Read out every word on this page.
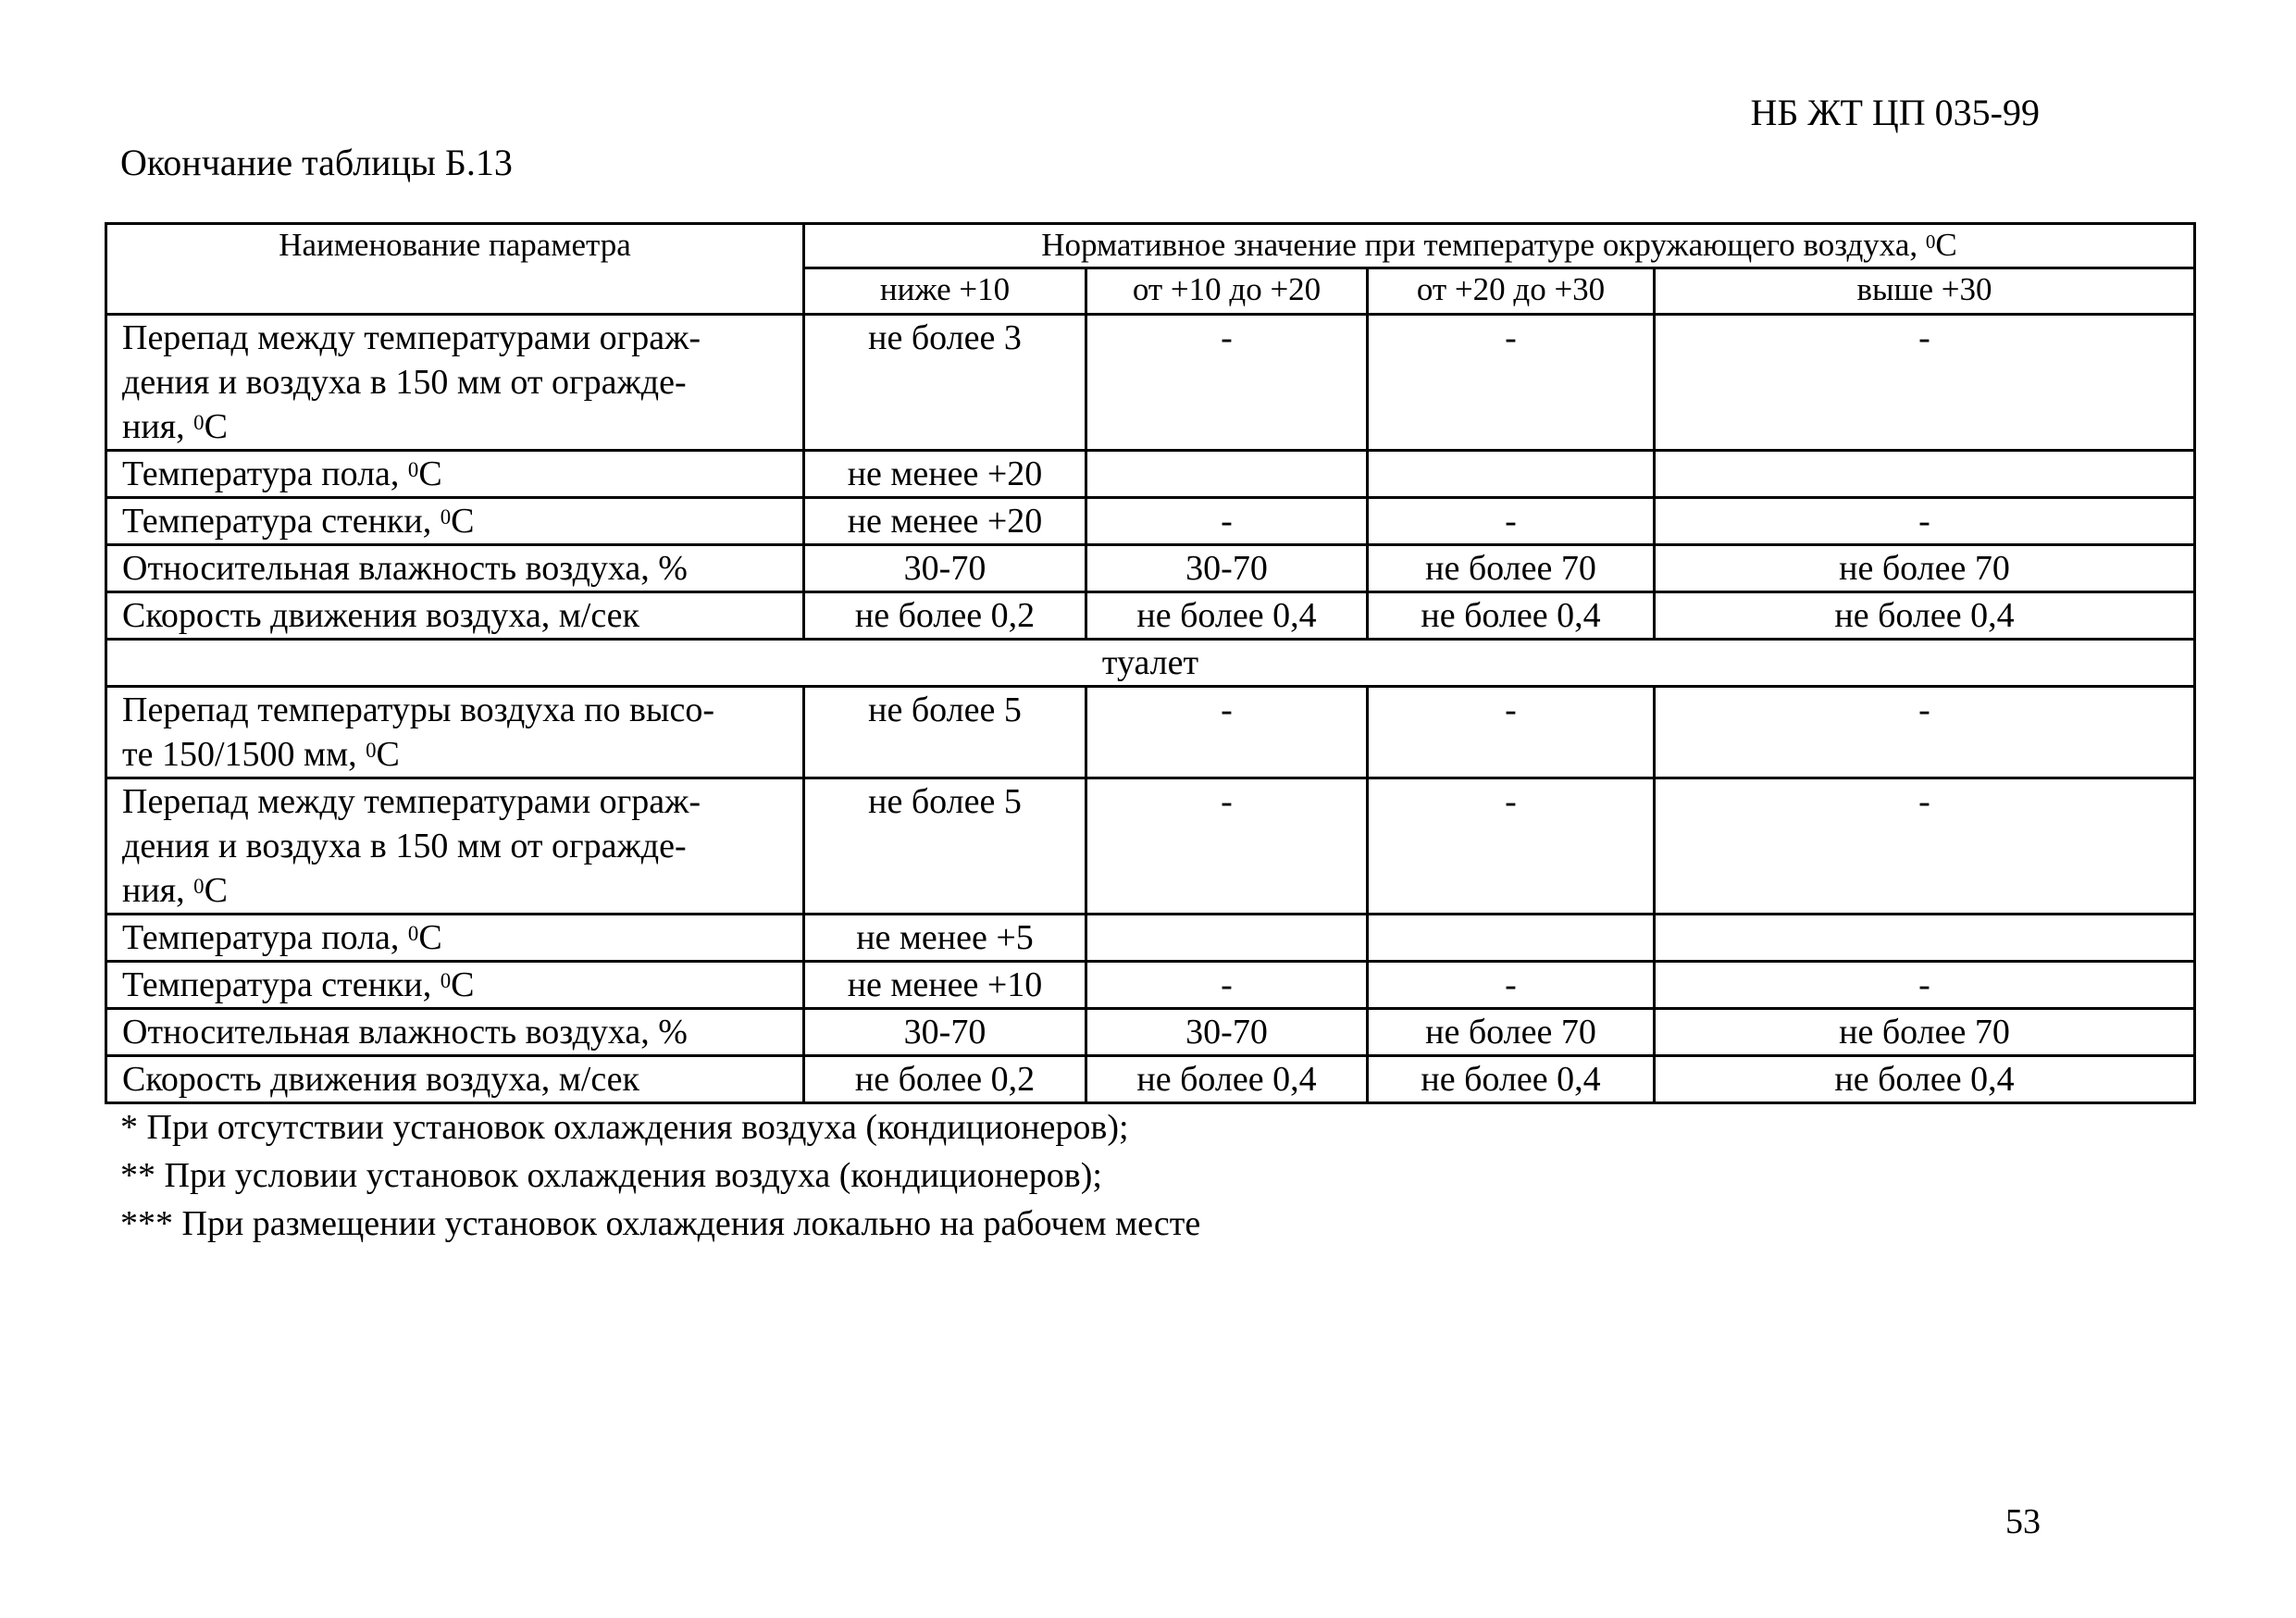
НБ ЖТ ЦП 035-99
Окончание таблицы Б.13
Наименование параметра	Нормативное значение при температуре окружающего воздуха, $^0$С			
	ниже +10	от +10 до +20	от +20 до +30	выше +30
Перепад между температурами ограж-
дения и воздуха в 150 мм от огражде-
ния, $^0$С	не более 3	-	-	-
Температура пола, $^0$С	не менее +20			
Температура стенки, $^0$С	не менее +20	-	-	-
Относительная влажность воздуха, %	30-70	30-70	не более 70	не более 70
Скорость движения воздуха, м/сек	не более 0,2	не более 0,4	не более 0,4	не более 0,4
туалет				
Перепад температуры воздуха по высо-
те 150/1500 мм, $^0$С	не более 5	-	-	-
Перепад между температурами ограж-
дения и воздуха в 150 мм от огражде-
ния, $^0$С	не более 5	-	-	-
Температура пола, $^0$С	не менее +5			
Температура стенки, $^0$С	не менее +10	-	-	-
Относительная влажность воздуха, %	30-70	30-70	не более 70	не более 70
Скорость движения воздуха, м/сек	не более 0,2	не более 0,4	не более 0,4	не более 0,4
* При отсутствии установок охлаждения воздуха (кондиционеров);
** При условии установок охлаждения воздуха (кондиционеров);
*** При размещении установок охлаждения локально на рабочем месте
53
